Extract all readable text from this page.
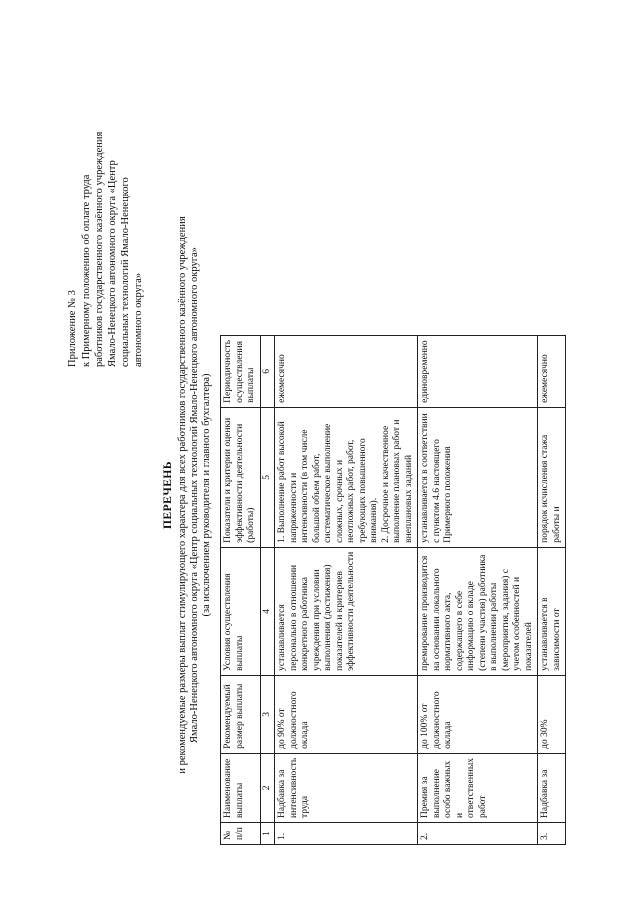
Приложение № 3 к Примерному положению об оплате труда работников государственного казённого учреждения Ямало-Ненецкого автономного округа «Центр социальных технологий Ямало-Ненецкого автономного округа»
ПЕРЕЧЕНЬ и рекомендуемые размеры выплат стимулирующего характера для всех работников государственного казённого учреждения Ямало-Ненецкого автономного округа «Центр социальных технологий Ямало-Ненецкого автономного округа» (за исключением руководителя и главного бухгалтера)
№ п/п	Наименование выплаты	Рекомендуемый размер выплаты	Условия осуществления выплаты	Показатели и критерии оценки эффективности деятельности (работы)	Периодичность осуществления выплаты
1	2	3	4	5	6
1.	Надбавка за интенсивность труда	до 90% от должностного оклада	устанавливается персонально в отношении конкретного работника учреждения при условии выполнения (достижения) показателей и критериев эффективности деятельности	1. Выполнение работ высокой напряженности и интенсивности (в том числе большой объем работ, систематическое выполнение сложных, срочных и неотложных работ, работ, требующих повышенного внимания).
2. Досрочное и качественное выполнение плановых работ и внеплановых заданий	ежемесячно
2.	Премия за выполнение особо важных и ответственных работ	до 100% от должностного оклада	премирование производится на основании локального нормативного акта, содержащего в себе информацию о вкладе (степени участия) работника в выполнении работы (мероприятия, задания) с учетом особенностей и показателей	устанавливается в соответствии с пунктом 4.6 настоящего Примерного положения	единовременно
3.	Надбавка за	до 30%	устанавливается в зависимости от	порядок исчисления стажа работы и	ежемесячно
